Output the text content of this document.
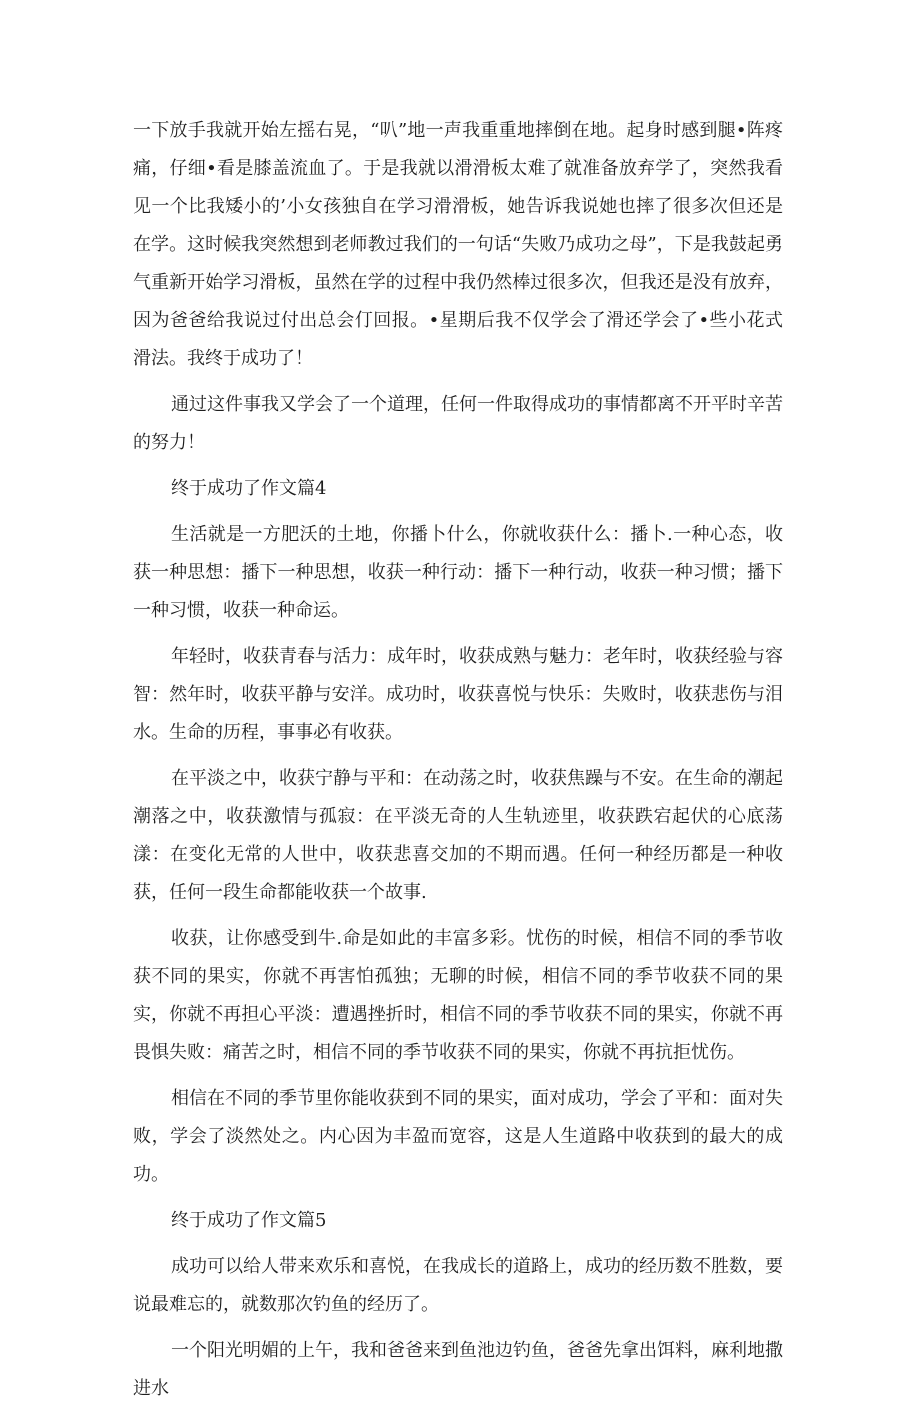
一下放手我就开始左摇右晃，“叭”地一声我重重地摔倒在地。起身时感到腿•阵疼痛，仔细•看是膝盖流血了。于是我就以滑滑板太难了就准备放弃学了，突然我看见一个比我矮小的’小女孩独自在学习滑滑板，她告诉我说她也摔了很多次但还是在学。这时候我突然想到老师教过我们的一句话“失败乃成功之母”，下是我鼓起勇气重新开始学习滑板，虽然在学的过程中我仍然棒过很多次，但我还是没有放弃，因为爸爸给我说过付出总会仃回报。•星期后我不仅学会了滑还学会了•些小花式滑法。我终于成功了！

通过这件事我又学会了一个道理，任何一件取得成功的事情都离不开平时辛苦的努力！

终于成功了作文篇4

生活就是一方肥沃的土地，你播卜什么，你就收获什么：播卜.一种心态，收获一种思想：播下一种思想，收获一种行动：播下一种行动，收获一种习惯；播下一种习惯，收获一种命运。

年轻时，收获青春与活力：成年时，收获成熟与魅力：老年时，收获经验与容智：然年时，收获平静与安洋。成功时，收获喜悦与快乐：失败时，收获悲伤与泪水。生命的历程，事事必有收获。

在平淡之中，收获宁静与平和：在动荡之时，收获焦躁与不安。在生命的潮起潮落之中，收获激情与孤寂：在平淡无奇的人生轨迹里，收获跌宕起伏的心底荡漾：在变化无常的人世中，收获悲喜交加的不期而遇。任何一种经历都是一种收获，任何一段生命都能收获一个故事.

收获，让你感受到牛.命是如此的丰富多彩。忧伤的时候，相信不同的季节收获不同的果实，你就不再害怕孤独；无聊的时候，相信不同的季节收获不同的果实，你就不再担心平淡：遭遇挫折时，相信不同的季节收获不同的果实，你就不再畏惧失败：痛苦之时，相信不同的季节收获不同的果实，你就不再抗拒忧伤。

相信在不同的季节里你能收获到不同的果实，面对成功，学会了平和：面对失败，学会了淡然处之。内心因为丰盈而宽容，这是人生道路中收获到的最大的成功。

终于成功了作文篇5

成功可以给人带来欢乐和喜悦，在我成长的道路上，成功的经历数不胜数，要说最难忘的，就数那次钓鱼的经历了。

一个阳光明媚的上午，我和爸爸来到鱼池边钓鱼，爸爸先拿出饵料，麻利地撒进水
